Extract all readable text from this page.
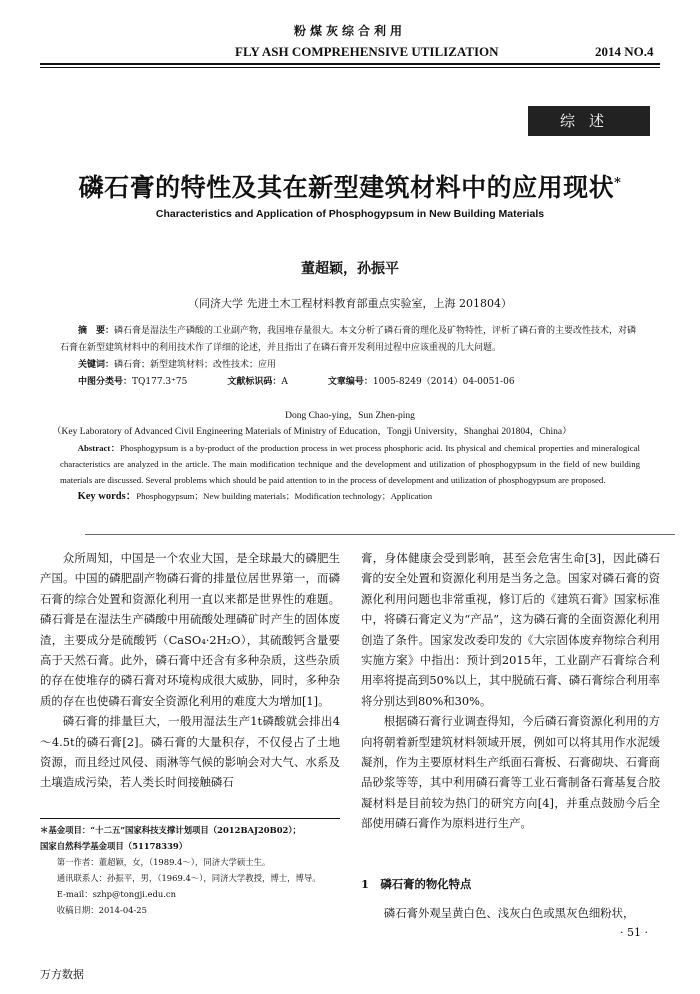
粉煤灰综合利用
FLY ASH COMPREHENSIVE UTILIZATION	2014 NO.4
综述
磷石膏的特性及其在新型建筑材料中的应用现状*
Characteristics and Application of Phosphogypsum in New Building Materials
董超颖，孙振平
（同济大学 先进土木工程材料教育部重点实验室，上海 201804）
摘　要：磷石膏是湿法生产磷酸的工业副产物，我国堆存量很大。本文分析了磷石膏的理化及矿物特性，评析了磷石膏的主要改性技术，对磷石膏在新型建筑材料中的利用技术作了详细的论述，并且指出了在磷石膏开发利用过程中应该重视的几大问题。
关键词：磷石膏；新型建筑材料；改性技术；应用
中图分类号：TQ177.3⁺75	文献标识码：A	文章编号：1005-8249（2014）04-0051-06
Dong Chao-ying，Sun Zhen-ping
（Key Laboratory of Advanced Civil Engineering Materials of Ministry of Education，Tongji University，Shanghai 201804，China）
Abstract：Phosphogypsum is a by-product of the production process in wet process phosphoric acid. Its physical and chemical properties and mineralogical characteristics are analyzed in the article. The main modification technique and the development and utilization of phosphogypsum in the field of new building materials are discussed. Several problems which should be paid attention to in the process of development and utilization of phosphogypsum are proposed.
Key words：Phosphogypsum；New building materials；Modification technology；Application

众所周知，中国是一个农业大国，是全球最大的磷肥生产国。中国的磷肥副产物磷石膏的排量位居世界第一，而磷石膏的综合处置和资源化利用一直以来都是世界性的难题。磷石膏是在湿法生产磷酸中用硫酸处理磷矿时产生的固体废渣，主要成分是硫酸钙（CaSO₄·2H₂O），其硫酸钙含量要高于天然石膏。此外，磷石膏中还含有多种杂质，这些杂质的存在使堆存的磷石膏对环境构成很大威胁，同时，多种杂质的存在也使磷石膏安全资源化利用的难度大为增加[1]。

磷石膏的排量巨大，一般用湿法生产1t磷酸就会排出4～4.5t的磷石膏[2]。磷石膏的大量积存，不仅侵占了土地资源，而且经过风侵、雨淋等气候的影响会对大气、水系及土壤造成污染，若人类长时间接触磷石

＊基金项目：“十二五”国家科技支撑计划项目（2012BAJ20B02）；
国家自然科学基金项目（51178339）
第一作者：董超颖，女，（1989.4～），同济大学硕士生。
通讯联系人：孙振平，男，（1969.4～），同济大学教授，博士，博导。
E-mail：szhp@tongji.edu.cn
收稿日期：2014-04-25

膏，身体健康会受到影响，甚至会危害生命[3]，因此磷石膏的安全处置和资源化利用是当务之急。国家对磷石膏的资源化利用问题也非常重视，修订后的《建筑石膏》国家标准中，将磷石膏定义为“产品”，这为磷石膏的全面资源化利用创造了条件。国家发改委印发的《大宗固体废弃物综合利用实施方案》中指出：预计到2015年，工业副产石膏综合利用率将提高到50%以上，其中脱硫石膏、磷石膏综合利用率将分别达到80%和30%。

根据磷石膏行业调查得知，今后磷石膏资源化利用的方向将朝着新型建筑材料领域开展，例如可以将其用作水泥缓凝剂，作为主要原材料生产纸面石膏板、石膏砌块、石膏商品砂浆等等，其中利用磷石膏等工业石膏制备石膏基复合胶凝材料是目前较为热门的研究方向[4]，并重点鼓励今后全部使用磷石膏作为原料进行生产。

1　磷石膏的物化特点
磷石膏外观呈黄白色、浅灰白色或黑灰色细粉状，
· 51 ·
万方数据
